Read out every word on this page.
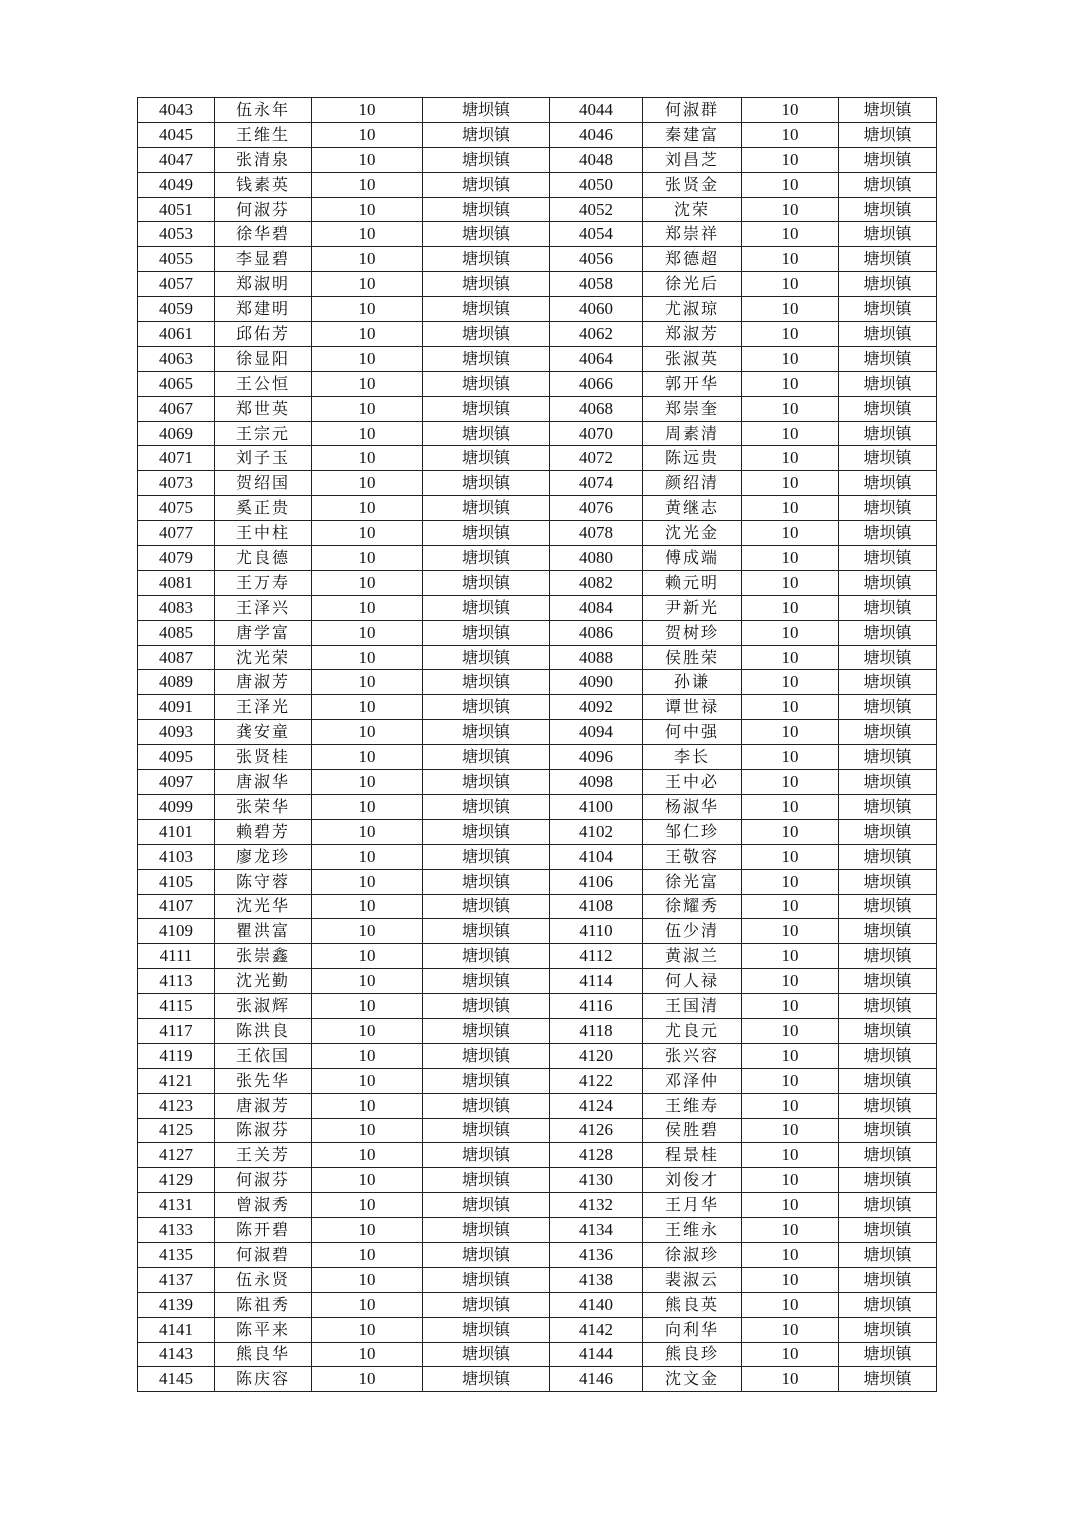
4043	伍永年	10	塘坝镇	4044	何淑群	10	塘坝镇
4045	王维生	10	塘坝镇	4046	秦建富	10	塘坝镇
4047	张清泉	10	塘坝镇	4048	刘昌芝	10	塘坝镇
4049	钱素英	10	塘坝镇	4050	张贤金	10	塘坝镇
4051	何淑芬	10	塘坝镇	4052	沈荣	10	塘坝镇
4053	徐华碧	10	塘坝镇	4054	郑崇祥	10	塘坝镇
4055	李显碧	10	塘坝镇	4056	郑德超	10	塘坝镇
4057	郑淑明	10	塘坝镇	4058	徐光后	10	塘坝镇
4059	郑建明	10	塘坝镇	4060	尤淑琼	10	塘坝镇
4061	邱佑芳	10	塘坝镇	4062	郑淑芳	10	塘坝镇
4063	徐显阳	10	塘坝镇	4064	张淑英	10	塘坝镇
4065	王公恒	10	塘坝镇	4066	郭开华	10	塘坝镇
4067	郑世英	10	塘坝镇	4068	郑崇奎	10	塘坝镇
4069	王宗元	10	塘坝镇	4070	周素清	10	塘坝镇
4071	刘子玉	10	塘坝镇	4072	陈远贵	10	塘坝镇
4073	贺绍国	10	塘坝镇	4074	颜绍清	10	塘坝镇
4075	奚正贵	10	塘坝镇	4076	黄继志	10	塘坝镇
4077	王中柱	10	塘坝镇	4078	沈光金	10	塘坝镇
4079	尤良德	10	塘坝镇	4080	傅成端	10	塘坝镇
4081	王万寿	10	塘坝镇	4082	赖元明	10	塘坝镇
4083	王泽兴	10	塘坝镇	4084	尹新光	10	塘坝镇
4085	唐学富	10	塘坝镇	4086	贺树珍	10	塘坝镇
4087	沈光荣	10	塘坝镇	4088	侯胜荣	10	塘坝镇
4089	唐淑芳	10	塘坝镇	4090	孙谦	10	塘坝镇
4091	王泽光	10	塘坝镇	4092	谭世禄	10	塘坝镇
4093	龚安童	10	塘坝镇	4094	何中强	10	塘坝镇
4095	张贤桂	10	塘坝镇	4096	李长	10	塘坝镇
4097	唐淑华	10	塘坝镇	4098	王中必	10	塘坝镇
4099	张荣华	10	塘坝镇	4100	杨淑华	10	塘坝镇
4101	赖碧芳	10	塘坝镇	4102	邹仁珍	10	塘坝镇
4103	廖龙珍	10	塘坝镇	4104	王敬容	10	塘坝镇
4105	陈守蓉	10	塘坝镇	4106	徐光富	10	塘坝镇
4107	沈光华	10	塘坝镇	4108	徐耀秀	10	塘坝镇
4109	瞿洪富	10	塘坝镇	4110	伍少清	10	塘坝镇
4111	张崇鑫	10	塘坝镇	4112	黄淑兰	10	塘坝镇
4113	沈光勤	10	塘坝镇	4114	何人禄	10	塘坝镇
4115	张淑辉	10	塘坝镇	4116	王国清	10	塘坝镇
4117	陈洪良	10	塘坝镇	4118	尤良元	10	塘坝镇
4119	王依国	10	塘坝镇	4120	张兴容	10	塘坝镇
4121	张先华	10	塘坝镇	4122	邓泽仲	10	塘坝镇
4123	唐淑芳	10	塘坝镇	4124	王维寿	10	塘坝镇
4125	陈淑芬	10	塘坝镇	4126	侯胜碧	10	塘坝镇
4127	王关芳	10	塘坝镇	4128	程景桂	10	塘坝镇
4129	何淑芬	10	塘坝镇	4130	刘俊才	10	塘坝镇
4131	曾淑秀	10	塘坝镇	4132	王月华	10	塘坝镇
4133	陈开碧	10	塘坝镇	4134	王维永	10	塘坝镇
4135	何淑碧	10	塘坝镇	4136	徐淑珍	10	塘坝镇
4137	伍永贤	10	塘坝镇	4138	裴淑云	10	塘坝镇
4139	陈祖秀	10	塘坝镇	4140	熊良英	10	塘坝镇
4141	陈平来	10	塘坝镇	4142	向利华	10	塘坝镇
4143	熊良华	10	塘坝镇	4144	熊良珍	10	塘坝镇
4145	陈庆容	10	塘坝镇	4146	沈文金	10	塘坝镇
